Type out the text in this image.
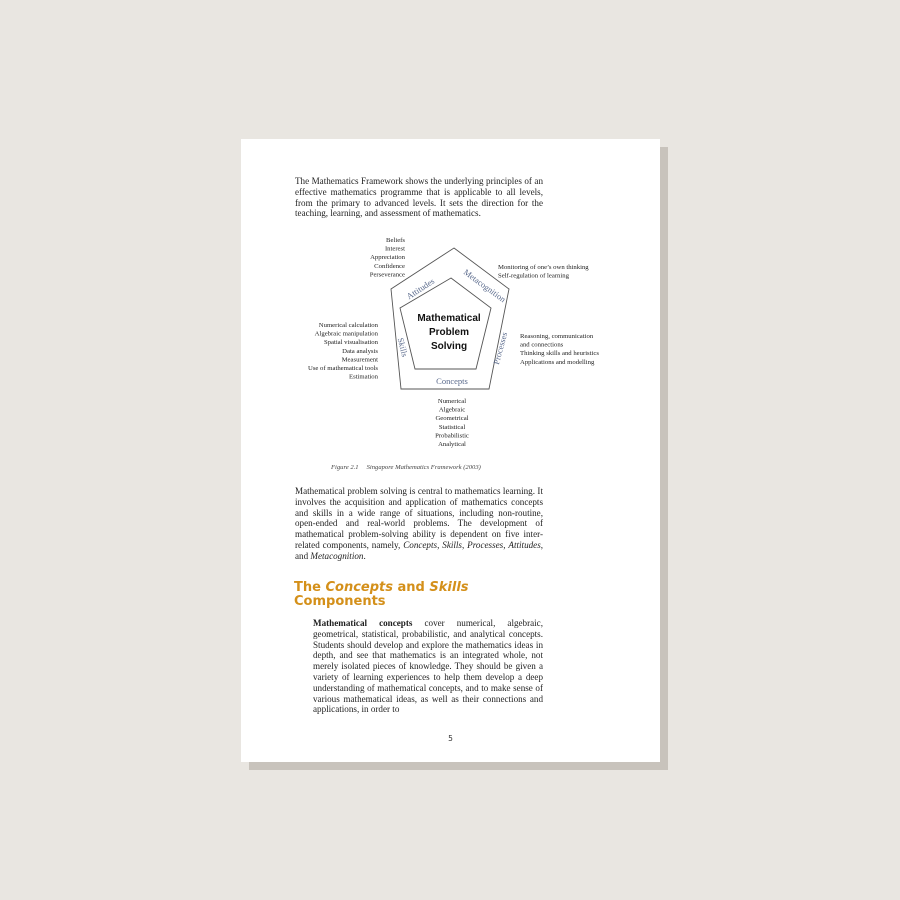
The Mathematics Framework shows the underlying principles of an effective mathematics programme that is applicable to all levels, from the primary to advanced levels. It sets the direction for the teaching, learning, and assessment of mathematics.

Mathematical
Problem
Solving
Attitudes	Metacognition
Processes
Concepts
Skills
Beliefs
Interest
Appreciation
Confidence
Perseverance
Monitoring of one’s own thinking
Self-regulation of learning
Reasoning, communication
and connections
Thinking skills and heuristics
Applications and modelling
Numerical calculation
Algebraic manipulation
Spatial visualisation
Data analysis
Measurement
Use of mathematical tools
Estimation
Numerical
Algebraic
Geometrical
Statistical
Probabilistic
Analytical
Figure 2.1 Singapore Mathematics Framework (2003)

Mathematical problem solving is central to mathematics learning. It involves the acquisition and application of mathematics concepts and skills in a wide range of situations, including non-routine, open-ended and real-world problems. The development of mathematical problem-solving ability is dependent on five inter-related components, namely, Concepts, Skills, Processes, Attitudes, and Metacognition.

The Concepts and Skills
Components

Mathematical concepts cover numerical, algebraic, geometrical, statistical, probabilistic, and analytical concepts. Students should develop and explore the mathematics ideas in depth, and see that mathematics is an integrated whole, not merely isolated pieces of knowledge. They should be given a variety of learning experiences to help them develop a deep understanding of mathematical concepts, and to make sense of various mathematical ideas, as well as their connections and applications, in order to

5
